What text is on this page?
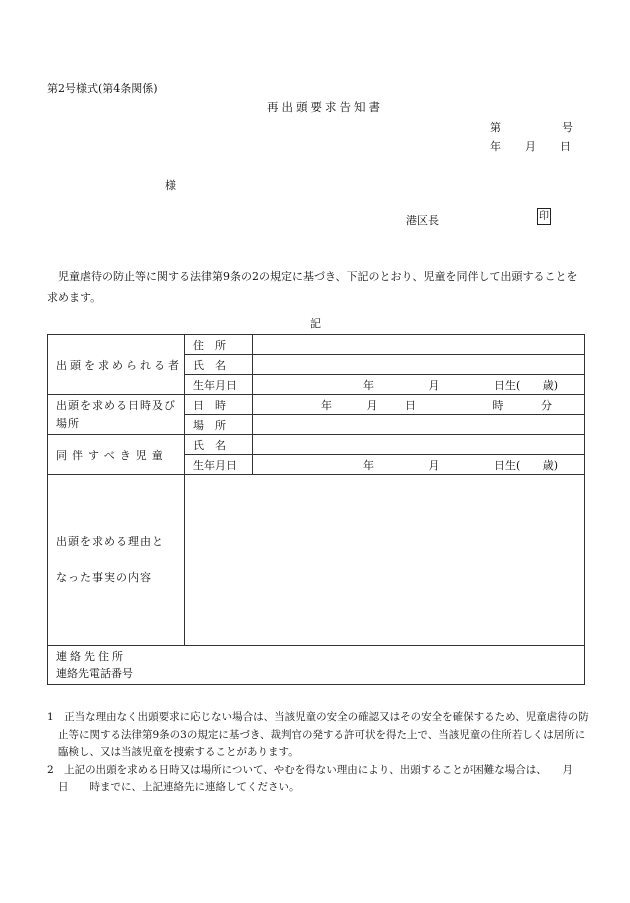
第2号様式(第4条関係)
再出頭要求告知書
第	号
年 月 日
様
港区長	印
児童虐待の防止等に関する法律第9条の2の規定に基づき、下記のとおり、児童を同伴して出頭することを求めます。
記
出頭を求められる者	住　所	
	氏　名	
	生年月日	年 月 日生( 歳)
出頭を求める日時及び場所	日　時	年 月 日 時 分
	場　所	
同伴すべき児童	氏　名	
	生年月日	年 月 日生( 歳)

出頭を求める理由と
なった事実の内容		

連絡先住所
連絡先電話番号		
1　正当な理由なく出頭要求に応じない場合は、当該児童の安全の確認又はその安全を確保するため、児童虐待の防止等に関する法律第9条の3の規定に基づき、裁判官の発する許可状を得た上で、当該児童の住所若しくは居所に臨検し、又は当該児童を捜索することがあります。
2　上記の出頭を求める日時又は場所について、やむを得ない理由により、出頭することが困難な場合は、　　月　　日　　時までに、上記連絡先に連絡してください。
